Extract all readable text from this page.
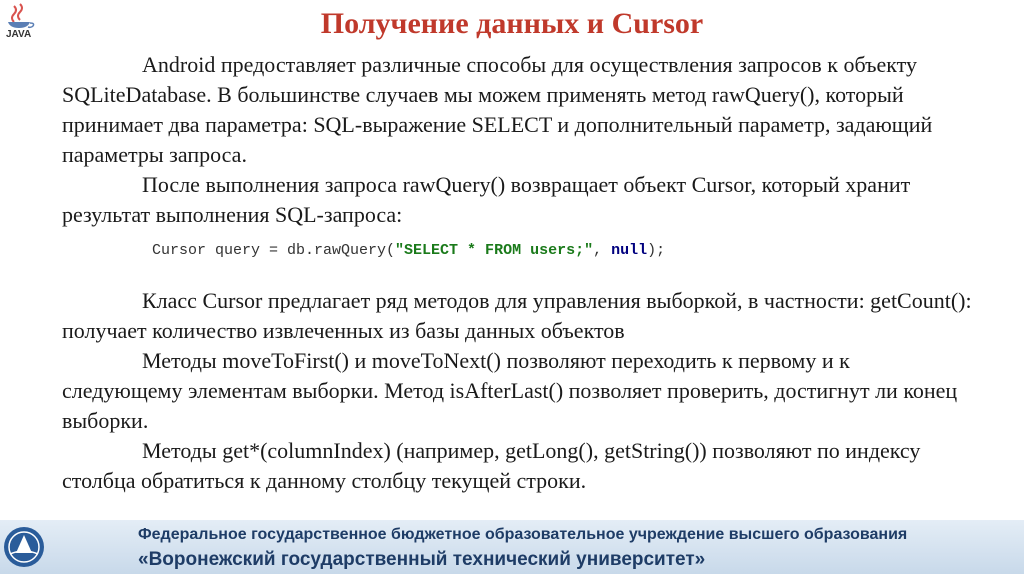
JAVA	Получение данных и Cursor

Android предоставляет различные способы для осуществления запросов к объекту SQLiteDatabase. В большинстве случаев мы можем применять метод rawQuery(), который принимает два параметра: SQL-выражение SELECT и дополнительный параметр, задающий параметры запроса.

После выполнения запроса rawQuery() возвращает объект Cursor, который хранит результат выполнения SQL-запроса:

Cursor query = db.rawQuery("SELECT * FROM users;", null);

Класс Cursor предлагает ряд методов для управления выборкой, в частности: getCount(): получает количество извлеченных из базы данных объектов

Методы moveToFirst() и moveToNext() позволяют переходить к первому и к следующему элементам выборки. Метод isAfterLast() позволяет проверить, достигнут ли конец выборки.

Методы get*(columnIndex) (например, getLong(), getString()) позволяют по индексу столбца обратиться к данному столбцу текущей строки.

Федеральное государственное бюджетное образовательное учреждение высшего образования
«Воронежский государственный технический университет»
